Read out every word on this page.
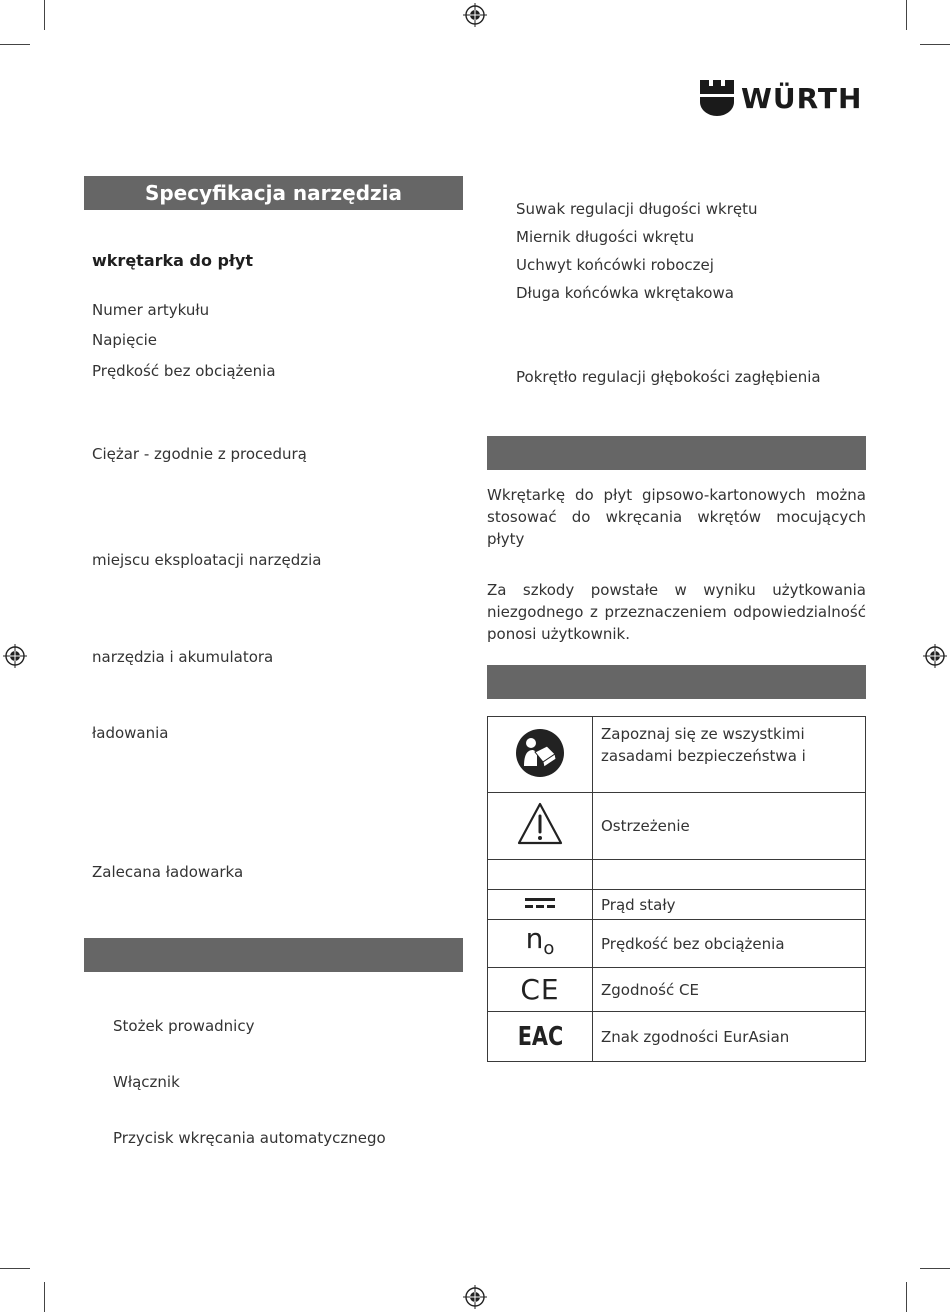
WÜRTH
Specyfikacja narzędzia
wkrętarka do płyt
Numer artykułu
Napięcie
Prędkość bez obciążenia
Ciężar - zgodnie z procedurą
miejscu eksploatacji narzędzia
narzędzia i akumulatora
ładowania
Zalecana ładowarka
Stożek prowadnicy
Włącznik
Przycisk wkręcania automatycznego
Suwak regulacji długości wkrętu
Miernik długości wkrętu
Uchwyt końcówki roboczej
Długa końcówka wkrętakowa
Pokrętło regulacji głębokości zagłębienia
Wkrętarkę do płyt gipsowo-kartonowych można stosować do wkręcania wkrętów mocujących płyty
Za szkody powstałe w wyniku użytkowania niezgodnego z przeznaczeniem odpowiedzialność ponosi użytkownik.
	Zapoznaj się ze wszystkimi zasadami bezpieczeństwa i
	Ostrzeżenie

	Prąd stały
$n_o$	Prędkość bez obciążenia
CE	Zgodność CE
EAC	Znak zgodności EurAsian
